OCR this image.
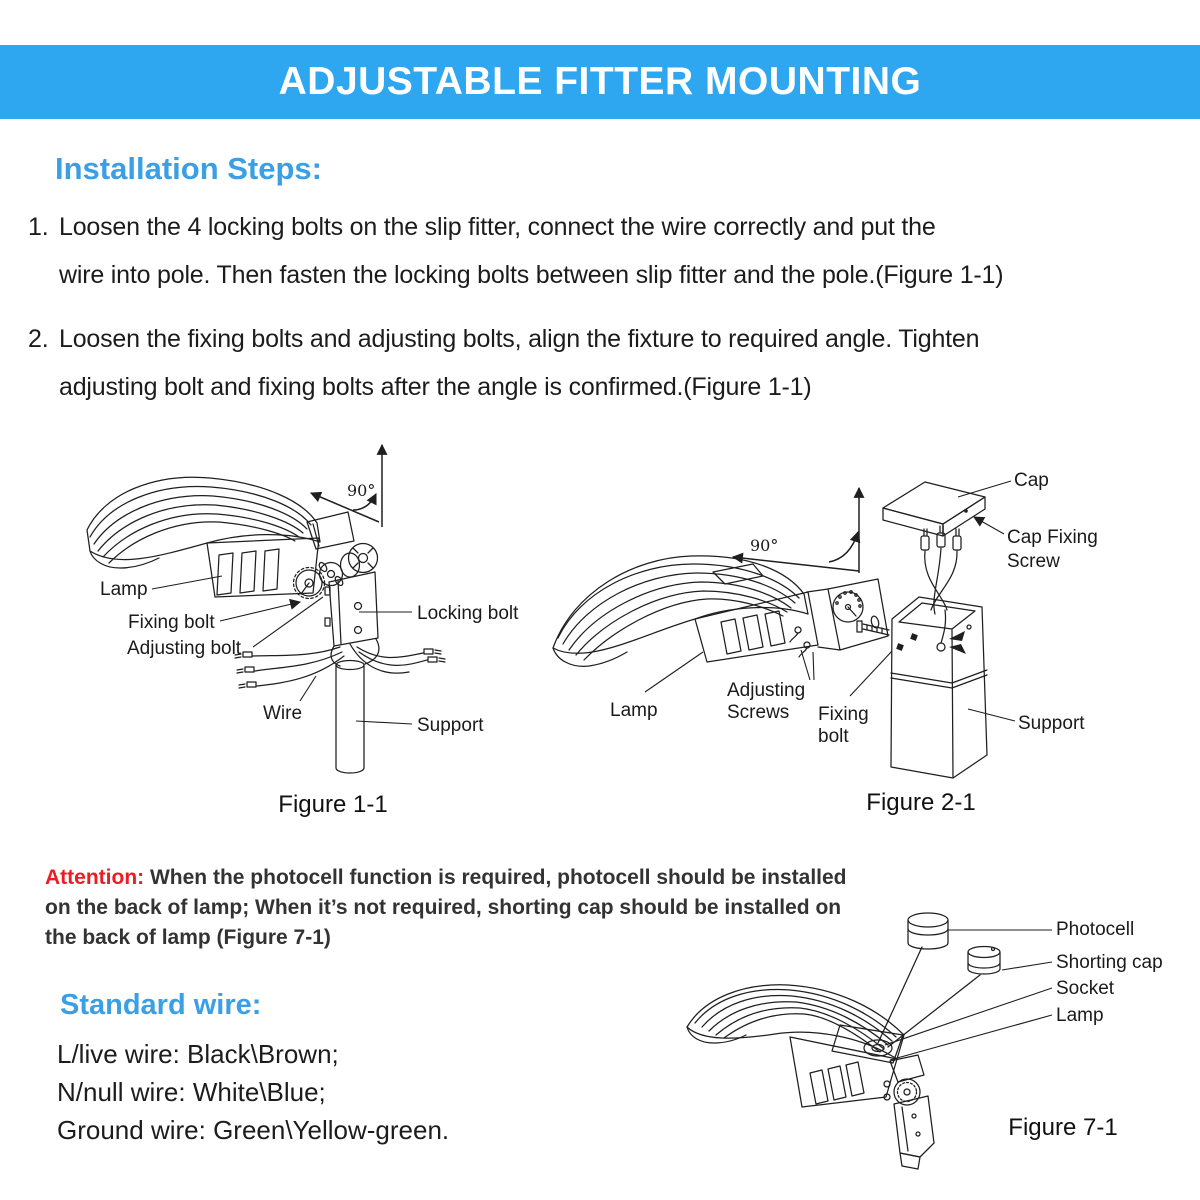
ADJUSTABLE FITTER MOUNTING
Installation Steps:
1. Loosen the 4 locking bolts on the slip fitter, connect the wire correctly and put the
wire into pole. Then fasten the locking bolts between slip fitter and the pole.(Figure 1-1)
2. Loosen the fixing bolts and adjusting bolts, align the fixture to required angle. Tighten
adjusting bolt and fixing bolts after the angle is confirmed.(Figure 1-1)
90°
Lamp
Fixing bolt
Adjusting bolt
Wire
Support
Locking bolt
Figure 1-1
90°
Cap
Cap Fixing
Screw
Lamp
Adjusting
Screws Fixing
bolt
Support
Figure 2-1
Attention: When the photocell function is required, photocell should be installed
on the back of lamp; When it’s not required, shorting cap should be installed on
the back of lamp (Figure 7-1)
Standard wire:
L/live wire: Black\Brown;
N/null wire: White\Blue;
Ground wire: Green\Yellow-green.
Photocell
Shorting cap
Socket
Lamp
Figure 7-1
